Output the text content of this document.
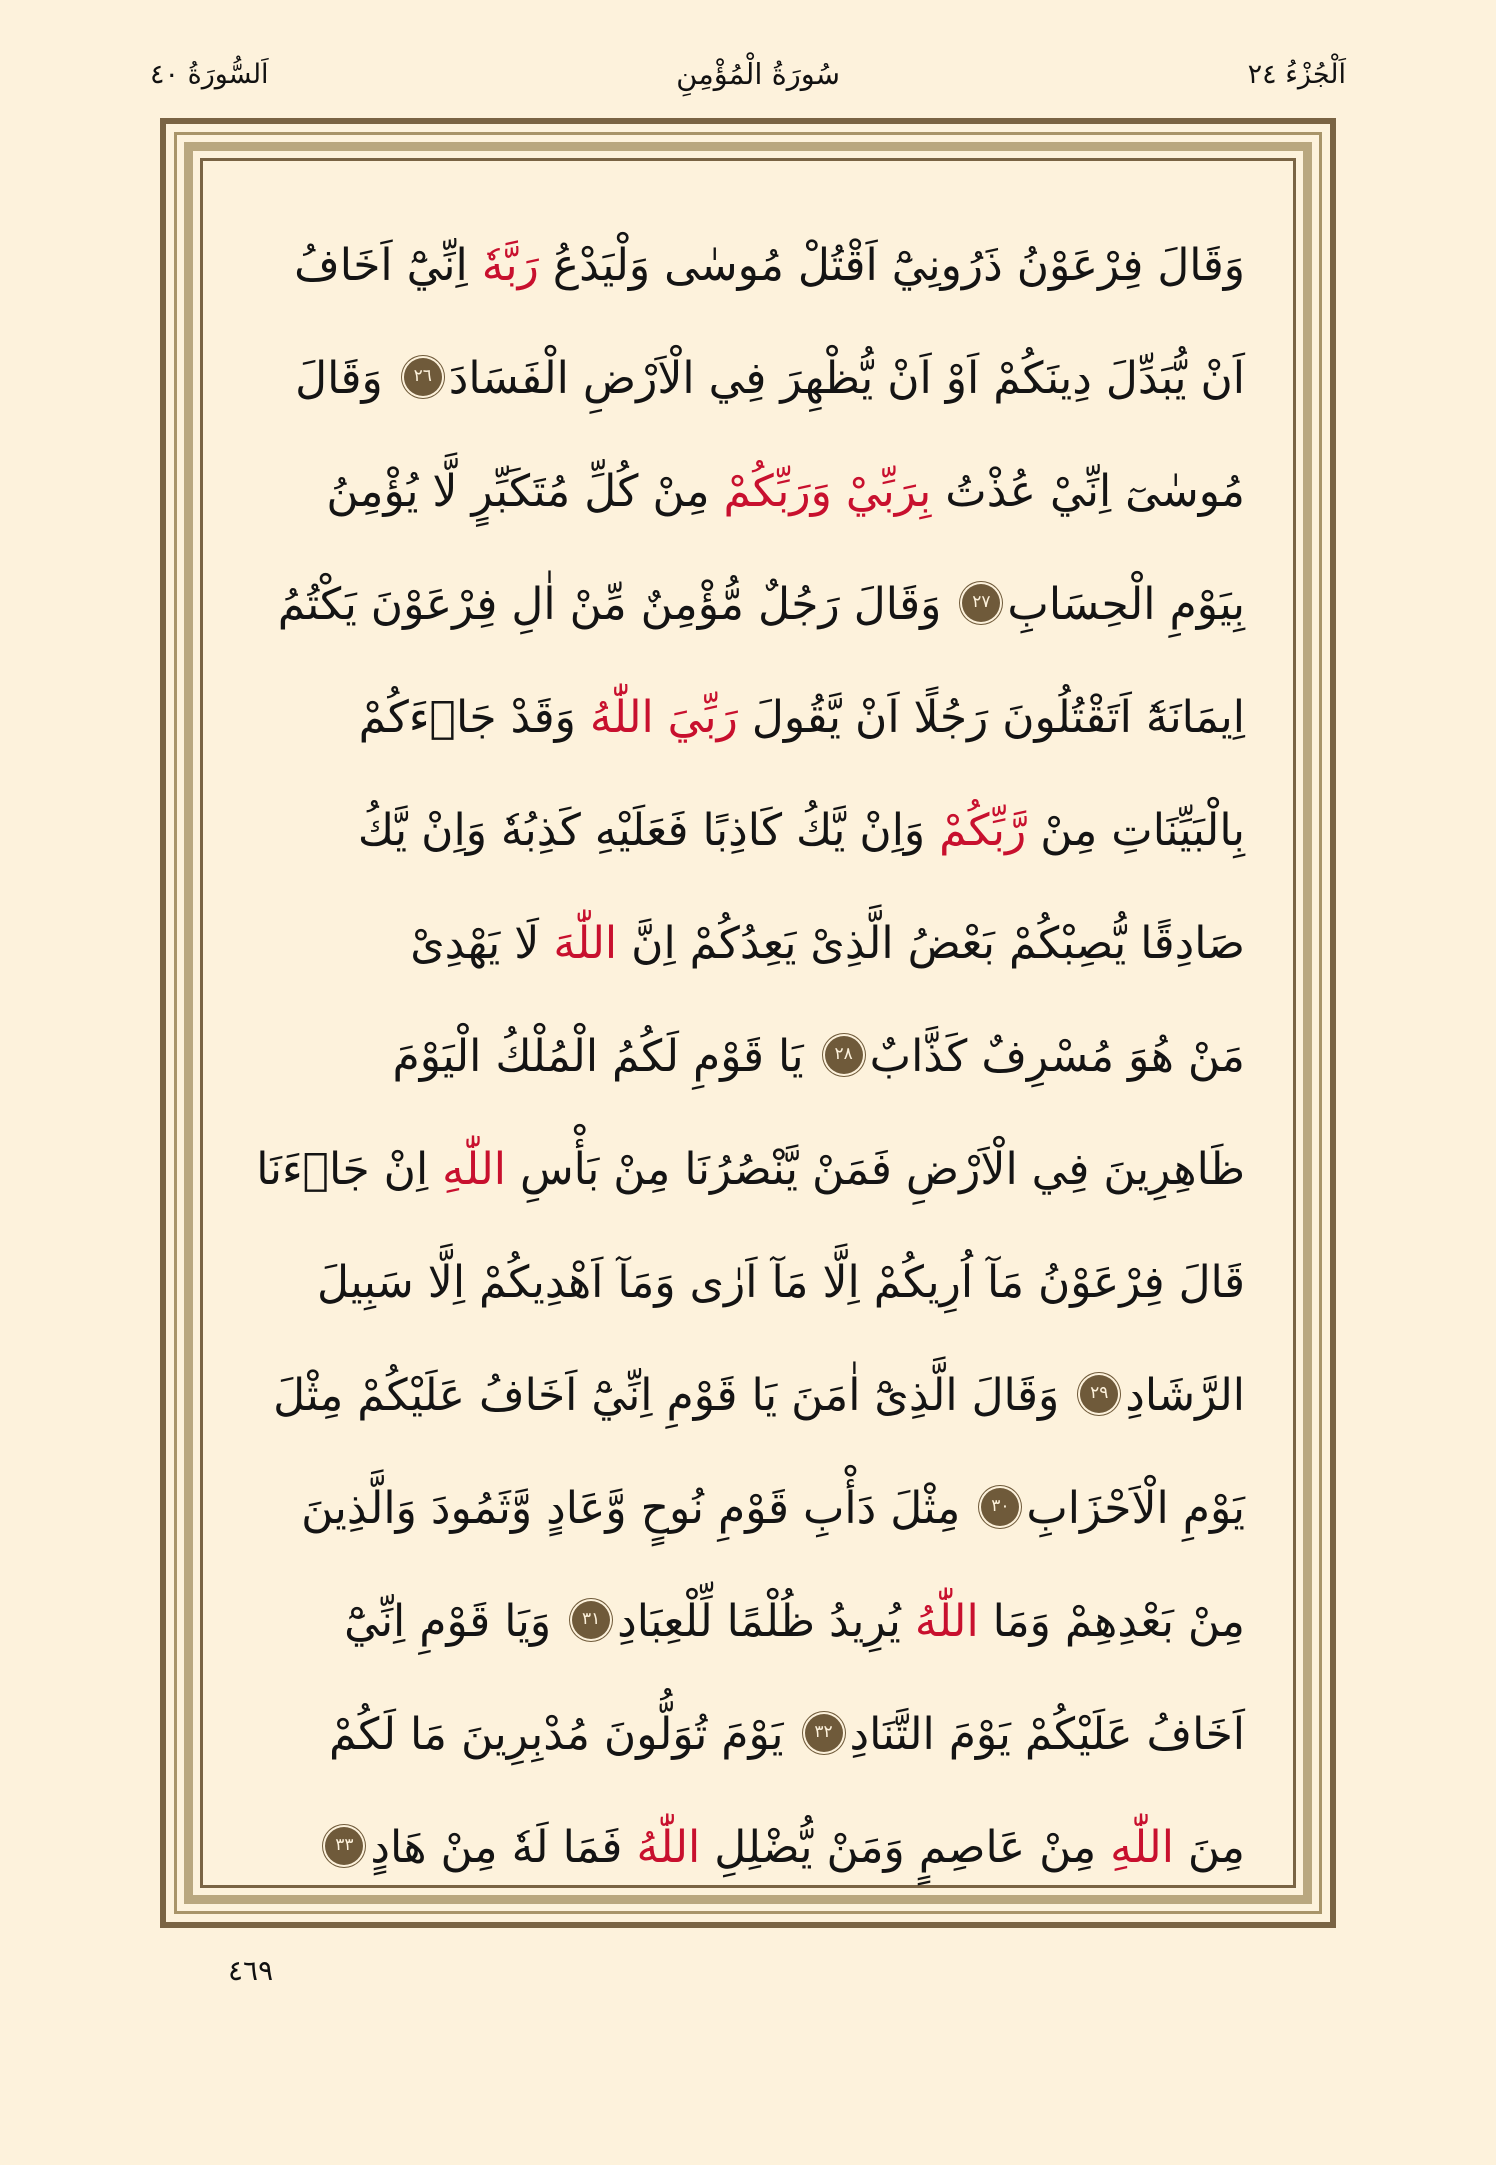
اَلْجُزْءُ ٢٤
سُورَةُ الْمُؤْمِنِ
اَلسُّورَةُ ٤٠
وَقَالَ فِرْعَوْنُ ذَرُونِيْٓ اَقْتُلْ مُوسٰى وَلْيَدْعُ رَبَّهٗ اِنِّيْٓ اَخَافُ
اَنْ يُّبَدِّلَ دِينَكُمْ اَوْ اَنْ يُّظْهِرَ فِي الْاَرْضِ الْفَسَادَ٢٦ وَقَالَ
مُوسٰىٓ اِنِّيْ عُذْتُ بِرَبِّيْ وَرَبِّكُمْ مِنْ كُلِّ مُتَكَبِّرٍ لَّا يُؤْمِنُ
بِيَوْمِ الْحِسَابِ٢٧ وَقَالَ رَجُلٌ مُّؤْمِنٌ مِّنْ اٰلِ فِرْعَوْنَ يَكْتُمُ
اِيمَانَهٗٓ اَتَقْتُلُونَ رَجُلًا اَنْ يَّقُولَ رَبِّيَ اللّٰهُ وَقَدْ جَاۤءَكُمْ
بِالْبَيِّنَاتِ مِنْ رَّبِّكُمْ وَاِنْ يَّكُ كَاذِبًا فَعَلَيْهِ كَذِبُهٗ وَاِنْ يَّكُ
صَادِقًا يُّصِبْكُمْ بَعْضُ الَّذِىْ يَعِدُكُمْ اِنَّ اللّٰهَ لَا يَهْدِىْ
مَنْ هُوَ مُسْرِفٌ كَذَّابٌ٢٨ يَا قَوْمِ لَكُمُ الْمُلْكُ الْيَوْمَ
ظَاهِرِينَ فِي الْاَرْضِ فَمَنْ يَّنْصُرُنَا مِنْ بَأْسِ اللّٰهِ اِنْ جَاۤءَنَا
قَالَ فِرْعَوْنُ مَآ اُرِيكُمْ اِلَّا مَآ اَرٰى وَمَآ اَهْدِيكُمْ اِلَّا سَبِيلَ
الرَّشَادِ٢٩ وَقَالَ الَّذِىْٓ اٰمَنَ يَا قَوْمِ اِنِّيْٓ اَخَافُ عَلَيْكُمْ مِثْلَ
يَوْمِ الْاَحْزَابِ٣٠ مِثْلَ دَأْبِ قَوْمِ نُوحٍ وَّعَادٍ وَّثَمُودَ وَالَّذِينَ
مِنْ بَعْدِهِمْ وَمَا اللّٰهُ يُرِيدُ ظُلْمًا لِّلْعِبَادِ٣١ وَيَا قَوْمِ اِنِّيْٓ
اَخَافُ عَلَيْكُمْ يَوْمَ التَّنَادِ٣٢ يَوْمَ تُوَلُّونَ مُدْبِرِينَ مَا لَكُمْ
مِنَ اللّٰهِ مِنْ عَاصِمٍ وَمَنْ يُّضْلِلِ اللّٰهُ فَمَا لَهٗ مِنْ هَادٍ٣٣
٤٦٩
